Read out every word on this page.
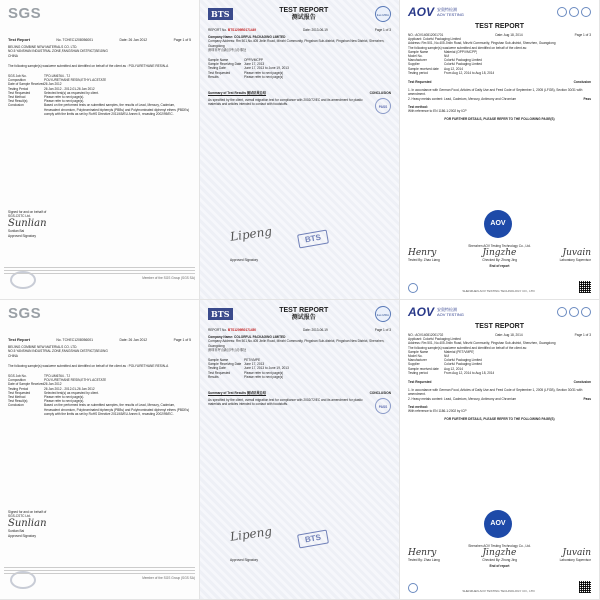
SGS
Test Report	No. TCHEC1208056001	Date: 26 Jan 2012	Page 1 of 5
BEIJING COMBINE NEW MATERIALS CO. LTD.
NO.5 YANSHAN INDUSTRIAL ZONE,FANGSHAN DISTRICT,BEIJING
CHINA
The following sample(s) was/were submitted and identified on behalf of the client as : POLYURETHANE RESIN-A
SGS Job No.	TPO-UM6764 - TJ
Composition	POLYURETHANE RESIN,ETHYL ACETATE
Date of Sample Received 26 Jan 2012
Testing Period	26 Jan 2012 - 2012-01-26 Jan 2012
Test Requested	Selected test(s) as requested by client.
Test Method	Please refer to next page(s).
Test Result(s)	Please refer to next page(s).
Conclusion	Based on the performed tests on submitted samples, the results of Lead, Mercury, Cadmium, Hexavalent chromium, Polybrominated biphenyls (PBBs) and Polybrominated diphenyl ethers (PBDEs) comply with the limits as set by RoHS Directive 2011/65/EU Annex II, recasting 2002/95/EC.
Signed for and on behalf of
SGS-CSTC Ltd.
Sunlian
Sunlian Bai
Approved Signatory
Member of the SGS Group (SGS SA)
BTS	TEST REPORT
测试报告	ilac-MRA
REPORT No. BTS1209B0171449	Date: 2013-06-19	Page 1 of 3
Company Name: COLORFUL PACKAGING LIMITED
Company Address: Rm 501,No.405 Jinlin Road, Minzhi Community, Pingshan Sub-district, Pingshan New District, Shenzhen, Guangdong
深圳市坪山新区坪山办事处
Sample Name	OPP/VMCPP
Sample Receiving Date June 17, 2013
Testing Date	June 17, 2013 to June 19, 2013
Test Requested	Please refer to next page(s)
Results	Please refer to next page(s)
Summary of Test Results 测试结果总结	CONCLUSION
As specified by the client, overall migration test for compliance with 2002/72/EC and its amendment for plastic materials and articles intended to contact with foodstuffs.
PASS
Lipeng	BTS
Approved Signatory
AOV 安奥特检测
AOV TESTING
TEST REPORT
NO.: AOV140812001701	Date: Aug 18, 2014	Page 1 of 3
Applicant: Colorful Packaging Limited
Address: Rm 501, No.405 Jinlin Road, Minzhi Community, Pingshan Sub-district, Shenzhen, Guangdong
The following sample(s) was/were submitted and identified on behalf of the client as:
Sample Name	Material (OPP/VMCPP)
Model No.	N/A
Manufacturer	Colorful Packaging Limited
Supplier	Colorful Packaging Limited
Sample received date	Aug 12, 2014
Testing period	From Aug 12, 2014 to Aug 18, 2014
Test Requested	Conclusion
1. In accordance with German Food, Articles of Daily Use and Feed Code of September 1, 2005 (LFGB), Section 30/31 with amendment.
2. Heavy metals content: Lead, Cadmium, Mercury, Antimony and Chromium	Pass
Test method:
With reference to EN 1186-1:2002 by ICP
FOR FURTHER DETAILS, PLEASE REFER TO THE FOLLOWING PAGE(S)
AOV
Shenzhen AOV Testing Technology Co., Ltd.
Henry	Jingzhe	Juvain
Tested By: Zhao Liang	Checked By: Zhong Jing	Laboratory Supervisor
End of report
SHENZHEN AOV TESTING TECHNOLOGY CO., LTD
SGS
Test Report	No. TCHEC1208056001	Date: 26 Jan 2012	Page 1 of 5
BEIJING COMBINE NEW MATERIALS CO. LTD.
NO.5 YANSHAN INDUSTRIAL ZONE,FANGSHAN DISTRICT,BEIJING
CHINA
The following sample(s) was/were submitted and identified on behalf of the client as : POLYURETHANE RESIN-A
SGS Job No.	TPO-UM6764 - TJ
Composition	POLYURETHANE RESIN,ETHYL ACETATE
Date of Sample Received 26 Jan 2012
Testing Period	26 Jan 2012 - 2012-01-26 Jan 2012
Test Requested	Selected test(s) as requested by client.
Test Method	Please refer to next page(s).
Test Result(s)	Please refer to next page(s).
Conclusion	Based on the performed tests on submitted samples, the results of Lead, Mercury, Cadmium, Hexavalent chromium, Polybrominated biphenyls (PBBs) and Polybrominated diphenyl ethers (PBDEs) comply with the limits as set by RoHS Directive 2011/65/EU Annex II, recasting 2002/95/EC.
Signed for and on behalf of
SGS-CSTC Ltd.
Sunlian
Sunlian Bai
Approved Signatory
Member of the SGS Group (SGS SA)
BTS	TEST REPORT
测试报告	ilac-MRA
REPORT No. BTS1209B0171450	Date: 2013-06-19	Page 1 of 3
Company Name: COLORFUL PACKAGING LIMITED
Company Address: Rm 501,No.405 Jinlin Road, Minzhi Community, Pingshan Sub-district, Pingshan New District, Shenzhen, Guangdong
深圳市坪山新区坪山办事处
Sample Name	PET/VMPE
Sample Receiving Date June 17, 2013
Testing Date	June 17, 2013 to June 19, 2013
Test Requested	Please refer to next page(s)
Results	Please refer to next page(s)
Summary of Test Results 测试结果总结	CONCLUSION
As specified by the client, overall migration test for compliance with 2002/72/EC and its amendment for plastic materials and articles intended to contact with foodstuffs.
PASS
Lipeng	BTS
Approved Signatory
AOV 安奥特检测
AOV TESTING
TEST REPORT
NO.: AOV140812001702	Date: Aug 18, 2014	Page 1 of 3
Applicant: Colorful Packaging Limited
Address: Rm 501, No.405 Jinlin Road, Minzhi Community, Pingshan Sub-district, Shenzhen, Guangdong
The following sample(s) was/were submitted and identified on behalf of the client as:
Sample Name	Material (PET/VMPE)
Model No.	N/A
Manufacturer	Colorful Packaging Limited
Supplier	Colorful Packaging Limited
Sample received date	Aug 12, 2014
Testing period	From Aug 12, 2014 to Aug 18, 2014
Test Requested	Conclusion
1. In accordance with German Food, Articles of Daily Use and Feed Code of September 1, 2005 (LFGB), Section 30/31 with amendment.
2. Heavy metals content: Lead, Cadmium, Mercury, Antimony and Chromium	Pass
Test method:
With reference to EN 1186-1:2002 by ICP
FOR FURTHER DETAILS, PLEASE REFER TO THE FOLLOWING PAGE(S)
AOV
Shenzhen AOV Testing Technology Co., Ltd.
Henry	Jingzhe	Juvain
Tested By: Zhao Liang	Checked By: Zhong Jing	Laboratory Supervisor
End of report
SHENZHEN AOV TESTING TECHNOLOGY CO., LTD
